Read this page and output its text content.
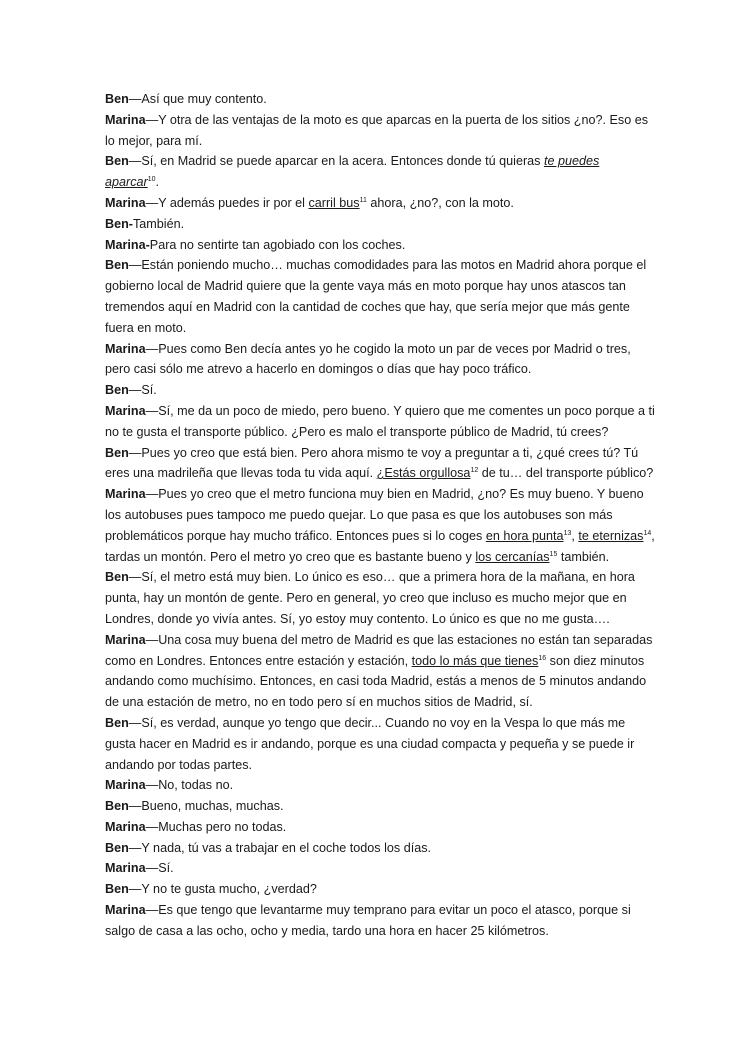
Ben—Así que muy contento.

Marina—Y otra de las ventajas de la moto es que aparcas en la puerta de los sitios ¿no?. Eso es lo mejor, para mí.

Ben—Sí, en Madrid se puede aparcar en la acera. Entonces donde tú quieras te puedes aparcar$^{10}$.

Marina—Y además puedes ir por el carril bus$^{11}$ ahora, ¿no?, con la moto.

Ben-También.

Marina-Para no sentirte tan agobiado con los coches.

Ben—Están poniendo mucho… muchas comodidades para las motos en Madrid ahora porque el gobierno local de Madrid quiere que la gente vaya más en moto porque hay unos atascos tan tremendos aquí en Madrid con la cantidad de coches que hay, que sería mejor que más gente fuera en moto.

Marina—Pues como Ben decía antes yo he cogido la moto un par de veces por Madrid o tres, pero casi sólo me atrevo a hacerlo en domingos o días que hay poco tráfico.

Ben—Sí.

Marina—Sí, me da un poco de miedo, pero bueno. Y quiero que me comentes un poco porque a ti no te gusta el transporte público. ¿Pero es malo el transporte público de Madrid, tú crees?

Ben—Pues yo creo que está bien. Pero ahora mismo te voy a preguntar a ti, ¿qué crees tú? Tú eres una madrileña que llevas toda tu vida aquí. ¿Estás orgullosa$^{12}$ de tu… del transporte público?

Marina—Pues yo creo que el metro funciona muy bien en Madrid, ¿no? Es muy bueno. Y bueno los autobuses pues tampoco me puedo quejar. Lo que pasa es que los autobuses son más problemáticos porque hay mucho tráfico. Entonces pues si lo coges en hora punta$^{13}$, te eternizas$^{14}$, tardas un montón. Pero el metro yo creo que es bastante bueno y los cercanías$^{15}$ también.

Ben—Sí, el metro está muy bien. Lo único es eso… que a primera hora de la mañana, en hora punta, hay un montón de gente. Pero en general, yo creo que incluso es mucho mejor que en Londres, donde yo vivía antes. Sí, yo estoy muy contento. Lo único es que no me gusta….

Marina—Una cosa muy buena del metro de Madrid es que las estaciones no están tan separadas como en Londres. Entonces entre estación y estación, todo lo más que tienes$^{16}$ son diez minutos andando como muchísimo. Entonces, en casi toda Madrid, estás a menos de 5 minutos andando de una estación de metro, no en todo pero sí en muchos sitios de Madrid, sí.

Ben—Sí, es verdad, aunque yo tengo que decir... Cuando no voy en la Vespa lo que más me gusta hacer en Madrid es ir andando, porque es una ciudad compacta y pequeña y se puede ir andando por todas partes.

Marina—No, todas no.

Ben—Bueno, muchas, muchas.

Marina—Muchas pero no todas.

Ben—Y nada, tú vas a trabajar en el coche todos los días.

Marina—Sí.

Ben—Y no te gusta mucho, ¿verdad?

Marina—Es que tengo que levantarme muy temprano para evitar un poco el atasco, porque si salgo de casa a las ocho, ocho y media, tardo una hora en hacer 25 kilómetros.
